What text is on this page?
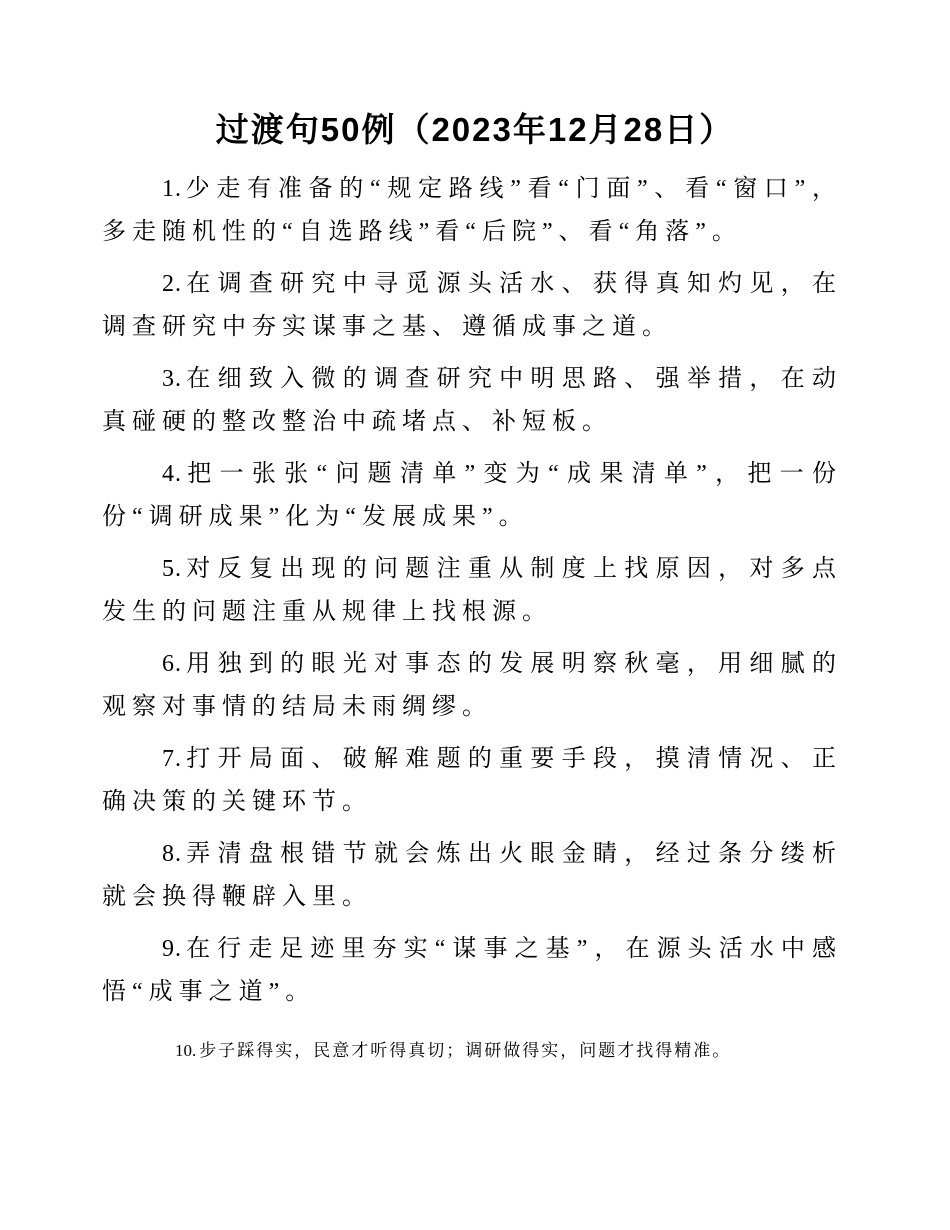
过渡句50例（2023年12月28日）

1. 少走有准备的“规定路线”看“门面”、看“窗口”，多走随机性的“自选路线”看“后院”、看“角落”。

2. 在调查研究中寻觅源头活水、获得真知灼见，在调查研究中夯实谋事之基、遵循成事之道。

3. 在细致入微的调查研究中明思路、强举措，在动真碰硬的整改整治中疏堵点、补短板。

4. 把一张张“问题清单”变为“成果清单”，把一份份“调研成果”化为“发展成果”。

5. 对反复出现的问题注重从制度上找原因，对多点发生的问题注重从规律上找根源。

6. 用独到的眼光对事态的发展明察秋毫，用细腻的观察对事情的结局未雨绸缪。

7. 打开局面、破解难题的重要手段，摸清情况、正确决策的关键环节。

8. 弄清盘根错节就会炼出火眼金睛，经过条分缕析就会换得鞭辟入里。

9. 在行走足迹里夯实“谋事之基”，在源头活水中感悟“成事之道”。

10. 步子踩得实，民意才听得真切；调研做得实，问题才找得精准。
